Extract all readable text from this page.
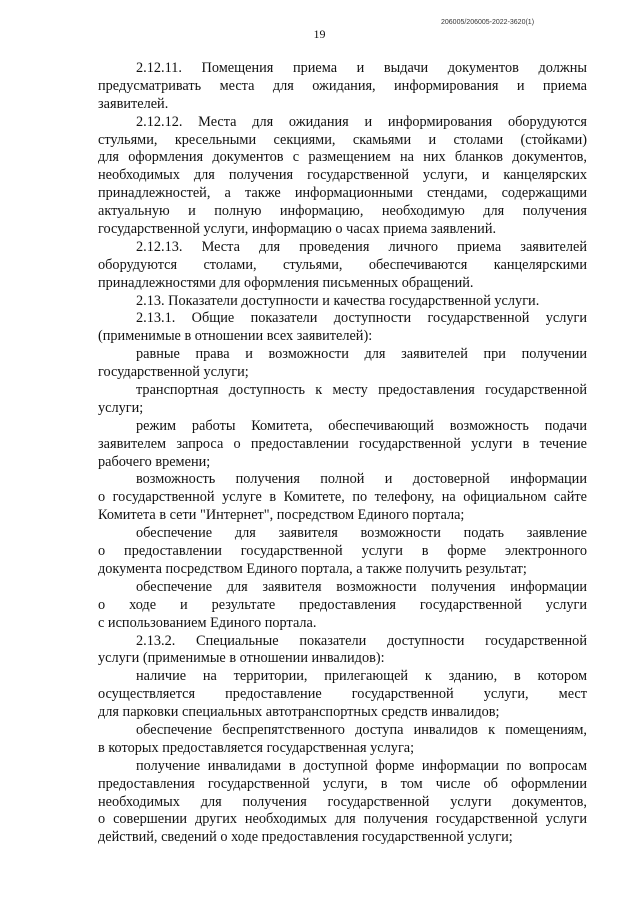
206005/206005-2022-3620(1)
19
2.12.11. Помещения приема и выдачи документов должны
предусматривать места для ожидания, информирования и приема
заявителей.
2.12.12. Места для ожидания и информирования оборудуются
стульями, кресельными секциями, скамьями и столами (стойками)
для оформления документов с размещением на них бланков документов,
необходимых для получения государственной услуги, и канцелярских
принадлежностей, а также информационными стендами, содержащими
актуальную и полную информацию, необходимую для получения
государственной услуги, информацию о часах приема заявлений.
2.12.13. Места для проведения личного приема заявителей
оборудуются столами, стульями, обеспечиваются канцелярскими
принадлежностями для оформления письменных обращений.
2.13. Показатели доступности и качества государственной услуги.
2.13.1. Общие показатели доступности государственной услуги
(применимые в отношении всех заявителей):
равные права и возможности для заявителей при получении
государственной услуги;
транспортная доступность к месту предоставления государственной
услуги;
режим работы Комитета, обеспечивающий возможность подачи
заявителем запроса о предоставлении государственной услуги в течение
рабочего времени;
возможность получения полной и достоверной информации
о государственной услуге в Комитете, по телефону, на официальном сайте
Комитета в сети "Интернет", посредством Единого портала;
обеспечение для заявителя возможности подать заявление
о предоставлении государственной услуги в форме электронного
документа посредством Единого портала, а также получить результат;
обеспечение для заявителя возможности получения информации
о ходе и результате предоставления государственной услуги
с использованием Единого портала.
2.13.2. Специальные показатели доступности государственной
услуги (применимые в отношении инвалидов):
наличие на территории, прилегающей к зданию, в котором
осуществляется предоставление государственной услуги, мест
для парковки специальных автотранспортных средств инвалидов;
обеспечение беспрепятственного доступа инвалидов к помещениям,
в которых предоставляется государственная услуга;
получение инвалидами в доступной форме информации по вопросам
предоставления государственной услуги, в том числе об оформлении
необходимых для получения государственной услуги документов,
о совершении других необходимых для получения государственной услуги
действий, сведений о ходе предоставления государственной услуги;
